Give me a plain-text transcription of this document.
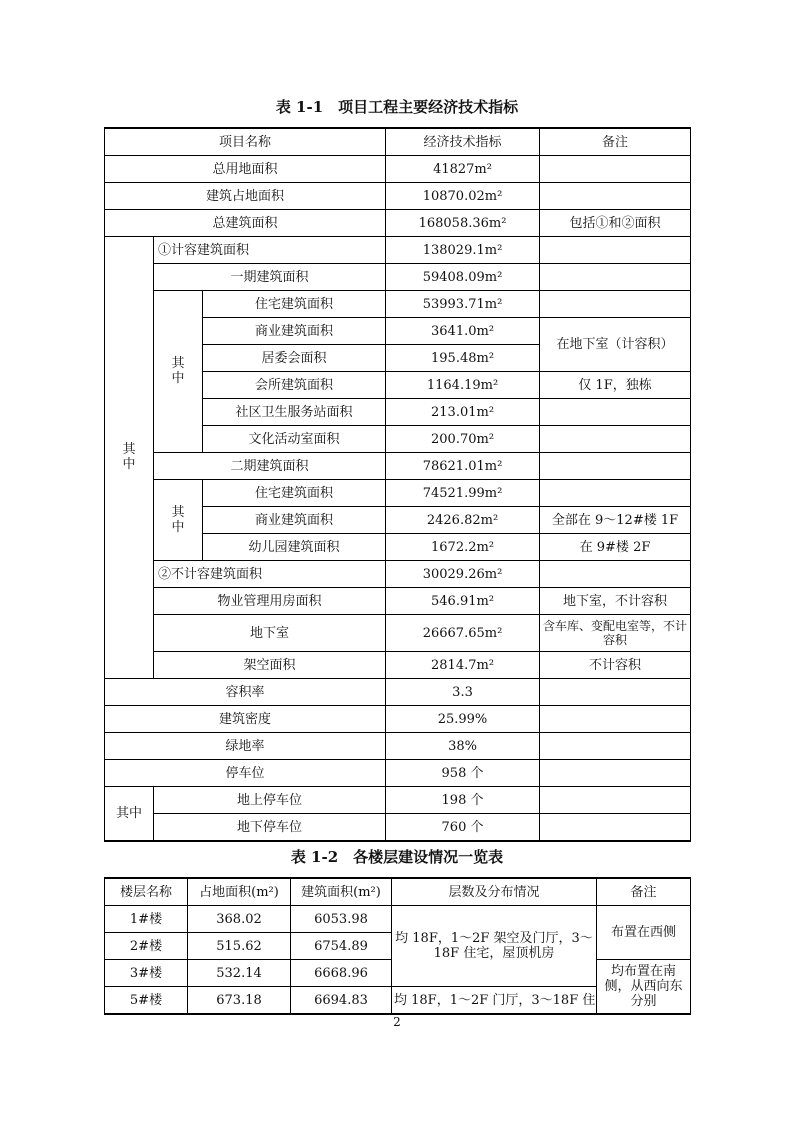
表 1-1　项目工程主要经济技术指标
项目名称			经济技术指标	备注
总用地面积			41827m²	
建筑占地面积			10870.02m²	
总建筑面积			168058.36m²	包括①和②面积
其中	①计容建筑面积		138029.1m²	
	一期建筑面积		59408.09m²	
	其中	住宅建筑面积	53993.71m²	
		商业建筑面积	3641.0m²	在地下室（计容积）
		居委会面积	195.48m²	
		会所建筑面积	1164.19m²	仅 1F，独栋
		社区卫生服务站面积	213.01m²	
		文化活动室面积	200.70m²	
	二期建筑面积		78621.01m²	
	其中	住宅建筑面积	74521.99m²	
		商业建筑面积	2426.82m²	全部在 9～12#楼 1F
		幼儿园建筑面积	1672.2m²	在 9#楼 2F
	②不计容建筑面积		30029.26m²	
	物业管理用房面积		546.91m²	地下室，不计容积
	地下室		26667.65m²	含车库、变配电室等，不计容积
	架空面积		2814.7m²	不计容积
容积率			3.3	
建筑密度			25.99%	
绿地率			38%	
停车位			958 个	
其中	地上停车位		198 个	
	地下停车位		760 个	
表 1-2　各楼层建设情况一览表
楼层名称	占地面积(m²)	建筑面积(m²)	层数及分布情况	备注
1#楼	368.02	6053.98	均 18F，1～2F 架空及门厅，3～18F 住宅，屋顶机房	布置在西侧
2#楼	515.62	6754.89		
3#楼	532.14	6668.96		均布置在南侧，从西向东分别
5#楼	673.18	6694.83	均 18F，1～2F 门厅，3～18F 住	
2
